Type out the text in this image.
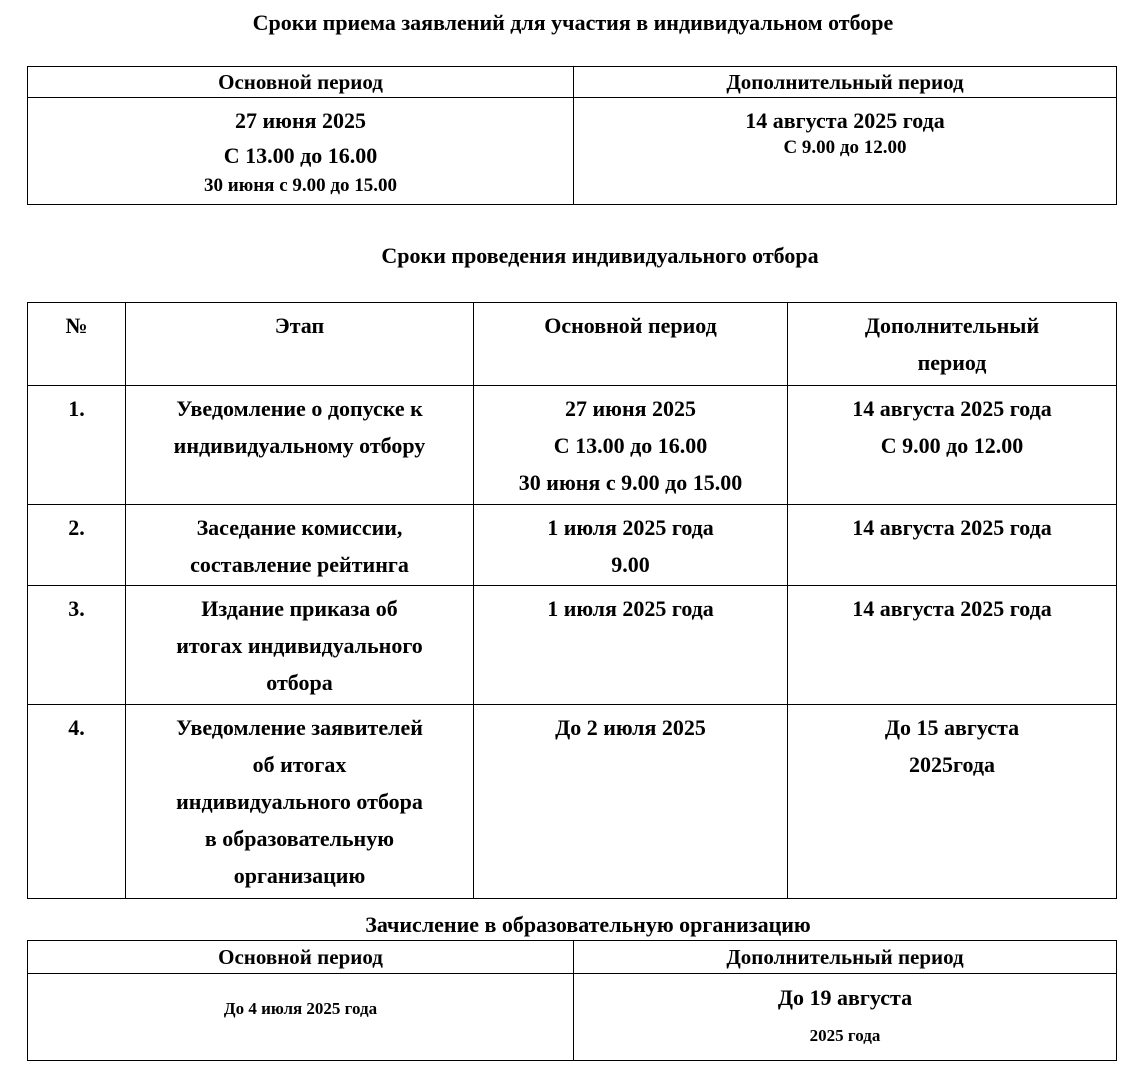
Сроки приема заявлений для участия в индивидуальном отборе
Основной период	Дополнительный период

27 июня 2025
С 13.00 до 16.00
30 июня с 9.00 до 15.00	14 августа 2025 года
С 9.00 до 12.00
Сроки проведения индивидуального отбора
№	Этап	Основной период	Дополнительный
период

1.	Уведомление о допуске к
индивидуальному отбору	27 июня 2025
С 13.00 до 16.00
30 июня с 9.00 до 15.00	14 августа 2025 года
С 9.00 до 12.00

2.	Заседание комиссии,
составление рейтинга	1 июля 2025 года
9.00	14 августа 2025 года

3.	Издание приказа об
итогах индивидуального
отбора	1 июля 2025 года	14 августа 2025 года

4.	Уведомление заявителей
об итогах
индивидуального отбора
в образовательную
организацию	До 2 июля 2025	До 15 августа
2025года
Зачисление в образовательную организацию
Основной период	Дополнительный период

До 4 июля 2025 года	До 19 августа
2025 года
